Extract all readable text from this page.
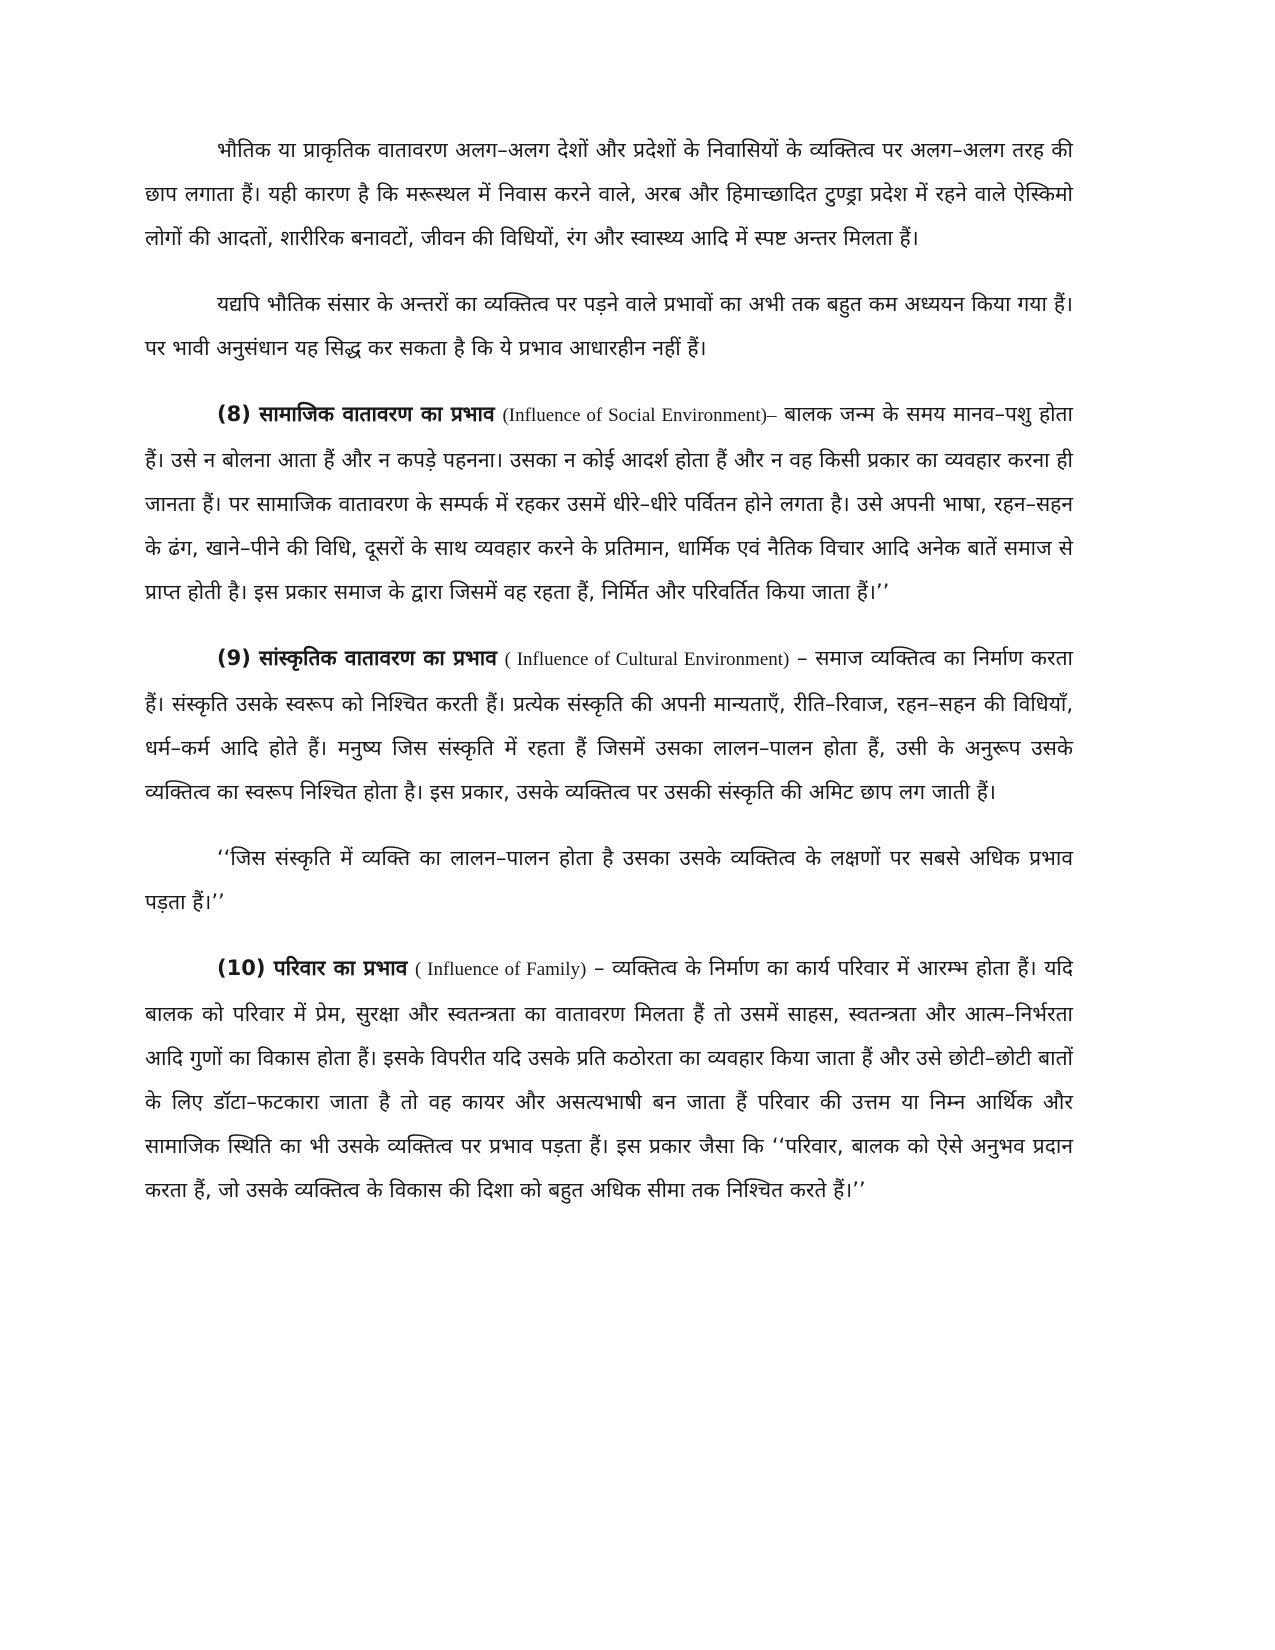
भौतिक या प्राकृतिक वातावरण अलग–अलग देशों और प्रदेशों के निवासियों के व्यक्तित्व पर अलग–अलग तरह की छाप लगाता हैं। यही कारण है कि मरूस्थल में निवास करने वाले, अरब और हिमाच्छादित टुण्ड्रा प्रदेश में रहने वाले ऐस्किमो लोगों की आदतों, शारीरिक बनावटों, जीवन की विधियों, रंग और स्वास्थ्य आदि में स्पष्ट अन्तर मिलता हैं।

यद्यपि भौतिक संसार के अन्तरों का व्यक्तित्व पर पड़ने वाले प्रभावों का अभी तक बहुत कम अध्ययन किया गया हैं। पर भावी अनुसंधान यह सिद्ध कर सकता है कि ये प्रभाव आधारहीन नहीं हैं।

(8) सामाजिक वातावरण का प्रभाव (Influence of Social Environment)– बालक जन्म के समय मानव–पशु होता हैं। उसे न बोलना आता हैं और न कपड़े पहनना। उसका न कोई आदर्श होता हैं और न वह किसी प्रकार का व्यवहार करना ही जानता हैं। पर सामाजिक वातावरण के सम्पर्क में रहकर उसमें धीरे–धीरे पर्वितन होने लगता है। उसे अपनी भाषा, रहन–सहन के ढंग, खाने–पीने की विधि, दूसरों के साथ व्यवहार करने के प्रतिमान, धार्मिक एवं नैतिक विचार आदि अनेक बातें समाज से प्राप्त होती है। इस प्रकार समाज के द्वारा जिसमें वह रहता हैं, निर्मित और परिवर्तित किया जाता हैं।’’

(9) सांस्कृतिक वातावरण का प्रभाव ( Influence of Cultural Environment) – समाज व्यक्तित्व का निर्माण करता हैं। संस्कृति उसके स्वरूप को निश्चित करती हैं। प्रत्येक संस्कृति की अपनी मान्यताएँ, रीति–रिवाज, रहन–सहन की विधियाँ, धर्म–कर्म आदि होते हैं। मनुष्य जिस संस्कृति में रहता हैं जिसमें उसका लालन–पालन होता हैं, उसी के अनुरूप उसके व्यक्तित्व का स्वरूप निश्चित होता है। इस प्रकार, उसके व्यक्तित्व पर उसकी संस्कृति की अमिट छाप लग जाती हैं।

‘‘जिस संस्कृति में व्यक्ति का लालन–पालन होता है उसका उसके व्यक्तित्व के लक्षणों पर सबसे अधिक प्रभाव पड़ता हैं।’’

(10) परिवार का प्रभाव ( Influence of Family) – व्यक्तित्व के निर्माण का कार्य परिवार में आरम्भ होता हैं। यदि बालक को परिवार में प्रेम, सुरक्षा और स्वतन्त्रता का वातावरण मिलता हैं तो उसमें साहस, स्वतन्त्रता और आत्म–निर्भरता आदि गुणों का विकास होता हैं। इसके विपरीत यदि उसके प्रति कठोरता का व्यवहार किया जाता हैं और उसे छोटी–छोटी बातों के लिए डॉटा–फटकारा जाता है तो वह कायर और असत्यभाषी बन जाता हैं परिवार की उत्तम या निम्न आर्थिक और सामाजिक स्थिति का भी उसके व्यक्तित्व पर प्रभाव पड़ता हैं। इस प्रकार जैसा कि ‘‘परिवार, बालक को ऐसे अनुभव प्रदान करता हैं, जो उसके व्यक्तित्व के विकास की दिशा को बहुत अधिक सीमा तक निश्चित करते हैं।’’
